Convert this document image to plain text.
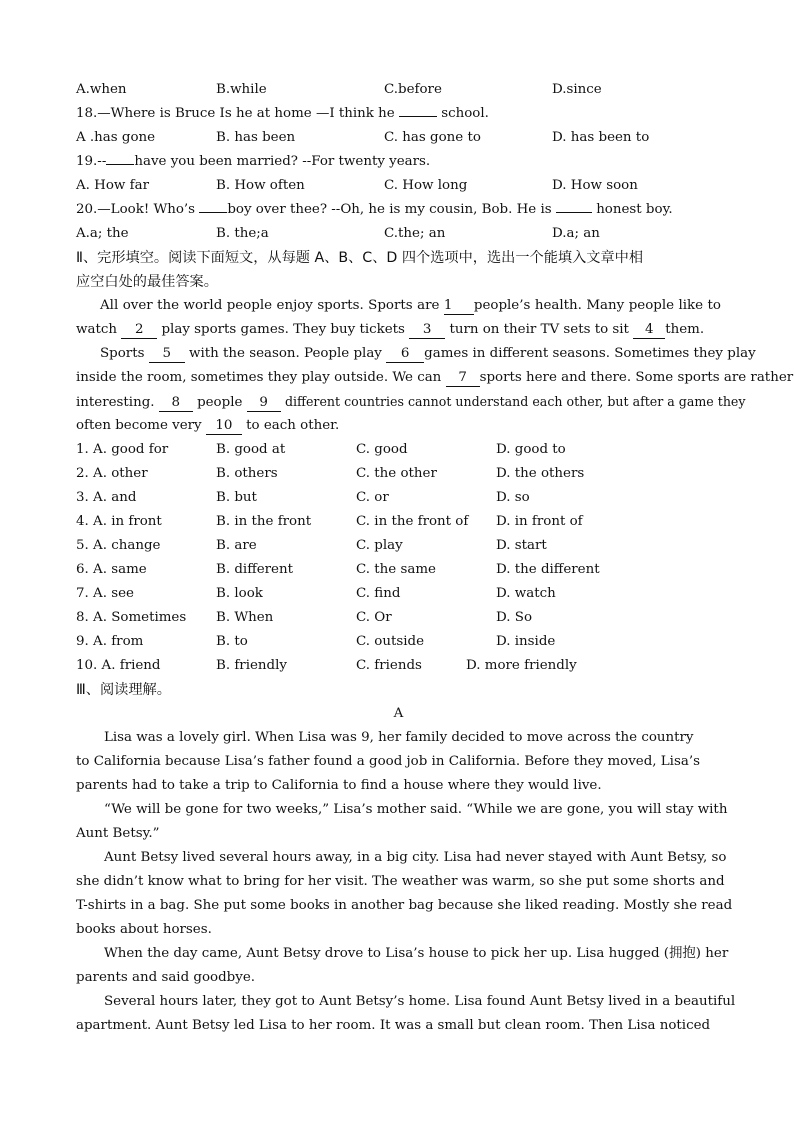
A.when	B.while	C.before	D.since
18.—Where is Bruce Is he at home —I think he	school.
A .has gone	B. has been	C. has gone to	D. has been to
19.-- have you been married? --For twenty years.
A. How far	B. How often	C. How long	D. How soon
20.—Look! Who’s boy over thee? --Oh, he is my cousin, Bob. He is	honest boy.
A.a; the	B. the;a	C.the; an	D.a; an
Ⅱ、完形填空。阅读下面短文，从每题 A、B、C、D 四个选项中，选出一个能填入文章中相
应空白处的最佳答案。
All over the world people enjoy sports. Sports are 1 people’s health. Many people like to
watch 2 play sports games. They buy tickets 3 turn on their TV sets to sit 4 them.
Sports 5 with the season. People play 6 games in different seasons. Sometimes they play
inside the room, sometimes they play outside. We can 7 sports here and there. Some sports are rather
interesting. 8 people 9 different countries cannot understand each other, but after a game they
often become very 10 to each other.
1. A. good for	B. good at	C. good	D. good to
2. A. other	B. others	C. the other	D. the others
3. A. and	B. but	C. or	D. so
4. A. in front	B. in the front	C. in the front of	D. in front of
5. A. change	B. are	C. play	D. start
6. A. same	B. different	C. the same	D. the different
7. A. see	B. look	C. find	D. watch
8. A. Sometimes	B. When	C. Or	D. So
9. A. from	B. to	C. outside	D. inside
10. A. friend	B. friendly	C. friends	D. more friendly
Ⅲ、阅读理解。
A
Lisa was a lovely girl. When Lisa was 9, her family decided to move across the country
to California because Lisa’s father found a good job in California. Before they moved, Lisa’s
parents had to take a trip to California to find a house where they would live.
“We will be gone for two weeks,” Lisa’s mother said. “While we are gone, you will stay with
Aunt Betsy.”
Aunt Betsy lived several hours away, in a big city. Lisa had never stayed with Aunt Betsy, so
she didn’t know what to bring for her visit. The weather was warm, so she put some shorts and
T-shirts in a bag. She put some books in another bag because she liked reading. Mostly she read
books about horses.
When the day came, Aunt Betsy drove to Lisa’s house to pick her up. Lisa hugged (拥抱) her
parents and said goodbye.
Several hours later, they got to Aunt Betsy’s home. Lisa found Aunt Betsy lived in a beautiful
apartment. Aunt Betsy led Lisa to her room. It was a small but clean room. Then Lisa noticed
